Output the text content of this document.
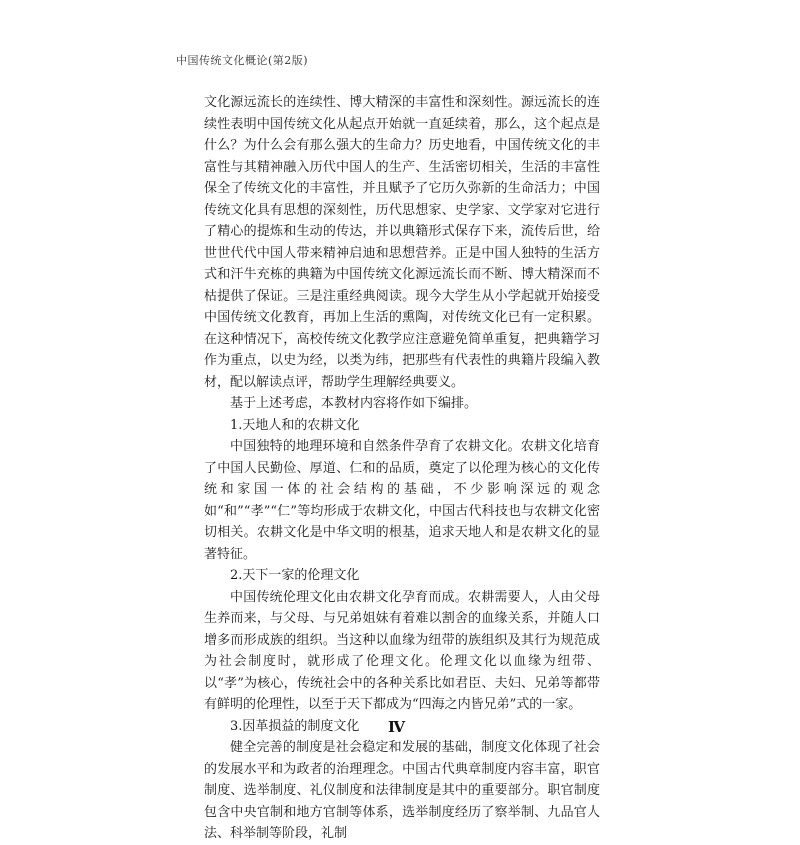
中国传统文化概论(第2版)

文化源远流长的连续性、博大精深的丰富性和深刻性。源远流长的连续性表明中国传统文化从起点开始就一直延续着，那么，这个起点是什么？为什么会有那么强大的生命力？历史地看，中国传统文化的丰富性与其精神融入历代中国人的生产、生活密切相关，生活的丰富性保全了传统文化的丰富性，并且赋予了它历久弥新的生命活力；中国传统文化具有思想的深刻性，历代思想家、史学家、文学家对它进行了精心的提炼和生动的传达，并以典籍形式保存下来，流传后世，给世世代代中国人带来精神启迪和思想营养。正是中国人独特的生活方式和汗牛充栋的典籍为中国传统文化源远流长而不断、博大精深而不枯提供了保证。三是注重经典阅读。现今大学生从小学起就开始接受中国传统文化教育，再加上生活的熏陶，对传统文化已有一定积累。在这种情况下，高校传统文化教学应注意避免简单重复，把典籍学习作为重点，以史为经，以类为纬，把那些有代表性的典籍片段编入教材，配以解读点评，帮助学生理解经典要义。

基于上述考虑，本教材内容将作如下编排。

1.天地人和的农耕文化

中国独特的地理环境和自然条件孕育了农耕文化。农耕文化培育了中国人民勤俭、厚道、仁和的品质，奠定了以伦理为核心的文化传统和家国一体的社会结构的基础，不少影响深远的观念如“和”“孝”“仁”等均形成于农耕文化，中国古代科技也与农耕文化密切相关。农耕文化是中华文明的根基，追求天地人和是农耕文化的显著特征。

2.天下一家的伦理文化

中国传统伦理文化由农耕文化孕育而成。农耕需要人，人由父母生养而来，与父母、与兄弟姐妹有着难以割舍的血缘关系，并随人口增多而形成族的组织。当这种以血缘为纽带的族组织及其行为规范成为社会制度时，就形成了伦理文化。伦理文化以血缘为纽带、以“孝”为核心，传统社会中的各种关系比如君臣、夫妇、兄弟等都带有鲜明的伦理性，以至于天下都成为“四海之内皆兄弟”式的一家。

3.因革损益的制度文化

健全完善的制度是社会稳定和发展的基础，制度文化体现了社会的发展水平和为政者的治理理念。中国古代典章制度内容丰富，职官制度、选举制度、礼仪制度和法律制度是其中的重要部分。职官制度包含中央官制和地方官制等体系，选举制度经历了察举制、九品官人法、科举制等阶段，礼制

Ⅳ
